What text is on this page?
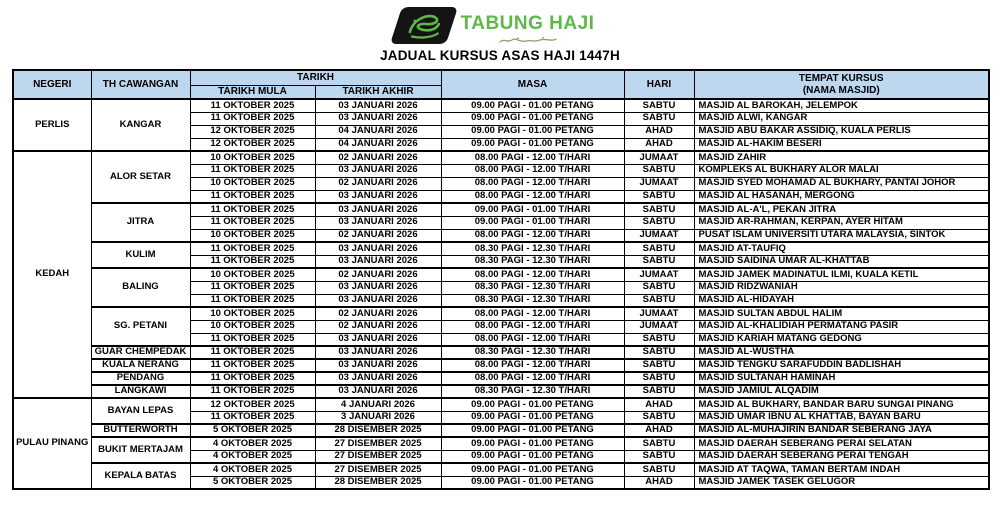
TABUNG HAJI
JADUAL KURSUS ASAS HAJI 1447H
NEGERI	TH CAWANGAN	TARIKH		MASA	HARI	TEMPAT KURSUS
(NAMA MASJID)

		TARIKH MULA	TARIKH AKHIR			
PERLIS	KANGAR	11 OKTOBER 2025	03 JANUARI 2026	09.00 PAGI - 01.00 PETANG	SABTU	MASJID AL BAROKAH, JELEMPOK
		11 OKTOBER 2025	03 JANUARI 2026	09.00 PAGI - 01.00 PETANG	SABTU	MASJID ALWI, KANGAR
		12 OKTOBER 2025	04 JANUARI 2026	09.00 PAGI - 01.00 PETANG	AHAD	MASJID ABU BAKAR ASSIDIQ, KUALA PERLIS
		12 OKTOBER 2025	04 JANUARI 2026	09.00 PAGI - 01.00 PETANG	AHAD	MASJID AL-HAKIM BESERI
KEDAH	ALOR SETAR	10 OKTOBER 2025	02 JANUARI 2026	08.00 PAGI - 12.00 T/HARI	JUMAAT	MASJID ZAHIR
		11 OKTOBER 2025	03 JANUARI 2026	08.00 PAGI - 12.00 T/HARI	SABTU	KOMPLEKS AL BUKHARY ALOR MALAI
		10 OKTOBER 2025	02 JANUARI 2026	08.00 PAGI - 12.00 T/HARI	JUMAAT	MASJID SYED MOHAMAD AL BUKHARY, PANTAI JOHOR
		11 OKTOBER 2025	03 JANUARI 2026	08.00 PAGI - 12.00 T/HARI	SABTU	MASJID AL HASANAH, MERGONG
	JITRA	11 OKTOBER 2025	03 JANUARI 2026	09.00 PAGI - 01.00 T/HARI	SABTU	MASJID AL-A'L, PEKAN JITRA
		11 OKTOBER 2025	03 JANUARI 2026	09.00 PAGI - 01.00 T/HARI	SABTU	MASJID AR-RAHMAN, KERPAN, AYER HITAM
		10 OKTOBER 2025	02 JANUARI 2026	08.00 PAGI - 12.00 T/HARI	JUMAAT	PUSAT ISLAM UNIVERSITI UTARA MALAYSIA, SINTOK
	KULIM	11 OKTOBER 2025	03 JANUARI 2026	08.30 PAGI - 12.30 T/HARI	SABTU	MASJID AT-TAUFIQ
		11 OKTOBER 2025	03 JANUARI 2026	08.30 PAGI - 12.30 T/HARI	SABTU	MASJID SAIDINA UMAR AL-KHATTAB
	BALING	10 OKTOBER 2025	02 JANUARI 2026	08.00 PAGI - 12.00 T/HARI	JUMAAT	MASJID JAMEK MADINATUL ILMI, KUALA KETIL
		11 OKTOBER 2025	03 JANUARI 2026	08.30 PAGI - 12.30 T/HARI	SABTU	MASJID RIDZWANIAH
		11 OKTOBER 2025	03 JANUARI 2026	08.30 PAGI - 12.30 T/HARI	SABTU	MASJID AL-HIDAYAH
	SG. PETANI	10 OKTOBER 2025	02 JANUARI 2026	08.00 PAGI - 12.00 T/HARI	JUMAAT	MASJID SULTAN ABDUL HALIM
		10 OKTOBER 2025	02 JANUARI 2026	08.00 PAGI - 12.00 T/HARI	JUMAAT	MASJID AL-KHALIDIAH PERMATANG PASIR
		11 OKTOBER 2025	03 JANUARI 2026	08.00 PAGI - 12.00 T/HARI	SABTU	MASJID KARIAH MATANG GEDONG
	GUAR CHEMPEDAK	11 OKTOBER 2025	03 JANUARI 2026	08.30 PAGI - 12.30 T/HARI	SABTU	MASJID AL-WUSTHA
	KUALA NERANG	11 OKTOBER 2025	03 JANUARI 2026	08.00 PAGI - 12.00 T/HARI	SABTU	MASJID TENGKU SARAFUDDIN BADLISHAH
	PENDANG	11 OKTOBER 2025	03 JANUARI 2026	08.00 PAGI - 12.00 T/HARI	SABTU	MASJID SULTANAH HAMINAH
	LANGKAWI	11 OKTOBER 2025	03 JANUARI 2026	08.30 PAGI - 12.30 T/HARI	SABTU	MASJID JAMIUL ALQADIM
PULAU PINANG	BAYAN LEPAS	12 OKTOBER 2025	4 JANUARI 2026	09.00 PAGI - 01.00 PETANG	AHAD	MASJID AL BUKHARY, BANDAR BARU SUNGAI PINANG
		11 OKTOBER 2025	3 JANUARI 2026	09.00 PAGI - 01.00 PETANG	SABTU	MASJID UMAR IBNU AL KHATTAB, BAYAN BARU
	BUTTERWORTH	5 OKTOBER 2025	28 DISEMBER 2025	09.00 PAGI - 01.00 PETANG	AHAD	MASJID AL-MUHAJIRIN BANDAR SEBERANG JAYA
	BUKIT MERTAJAM	4 OKTOBER 2025	27 DISEMBER 2025	09.00 PAGI - 01.00 PETANG	SABTU	MASJID DAERAH SEBERANG PERAI SELATAN
		4 OKTOBER 2025	27 DISEMBER 2025	09.00 PAGI - 01.00 PETANG	SABTU	MASJID DAERAH SEBERANG PERAI TENGAH
	KEPALA BATAS	4 OKTOBER 2025	27 DISEMBER 2025	09.00 PAGI - 01.00 PETANG	SABTU	MASJID AT TAQWA, TAMAN BERTAM INDAH
		5 OKTOBER 2025	28 DISEMBER 2025	09.00 PAGI - 01.00 PETANG	AHAD	MASJID JAMEK TASEK GELUGOR
